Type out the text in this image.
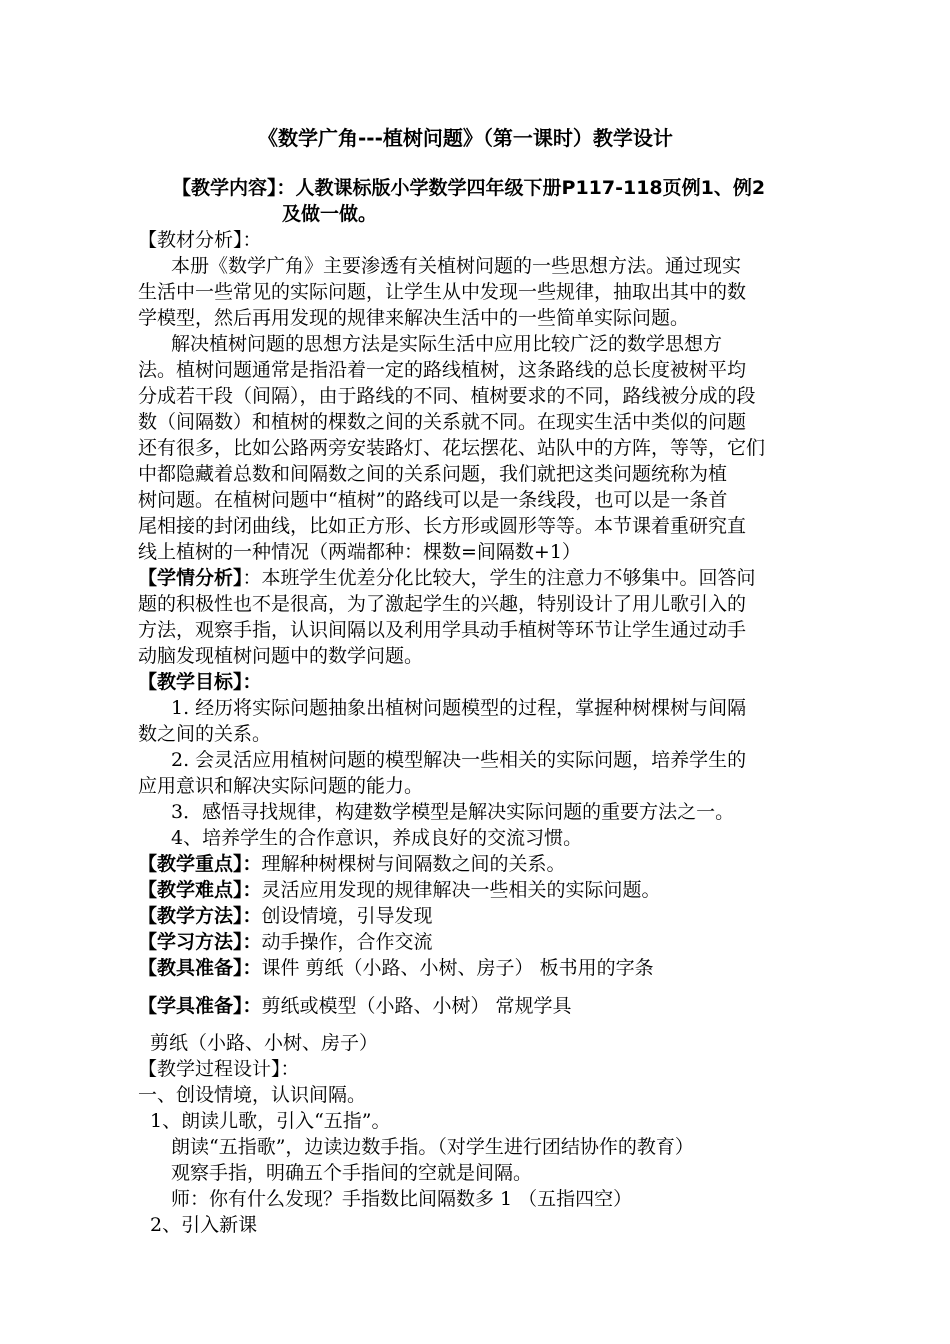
《数学广角---植树问题》（第一课时）教学设计
【教学内容】：人教课标版小学数学四年级下册P117-118页例1、例2
及做一做。
【教材分析】：
本册《数学广角》主要渗透有关植树问题的一些思想方法。通过现实
生活中一些常见的实际问题，让学生从中发现一些规律，抽取出其中的数
学模型，然后再用发现的规律来解决生活中的一些简单实际问题。
解决植树问题的思想方法是实际生活中应用比较广泛的数学思想方
法。植树问题通常是指沿着一定的路线植树，这条路线的总长度被树平均
分成若干段（间隔），由于路线的不同、植树要求的不同，路线被分成的段
数（间隔数）和植树的棵数之间的关系就不同。在现实生活中类似的问题
还有很多，比如公路两旁安装路灯、花坛摆花、站队中的方阵，等等，它们
中都隐藏着总数和间隔数之间的关系问题，我们就把这类问题统称为植
树问题。在植树问题中“植树”的路线可以是一条线段，也可以是一条首
尾相接的封闭曲线，比如正方形、长方形或圆形等等。本节课着重研究直
线上植树的一种情况（两端都种：棵数=间隔数+1）
【学情分析】：本班学生优差分化比较大，学生的注意力不够集中。回答问
题的积极性也不是很高，为了激起学生的兴趣，特别设计了用儿歌引入的
方法，观察手指，认识间隔以及利用学具动手植树等环节让学生通过动手
动脑发现植树问题中的数学问题。
【教学目标】：
1. 经历将实际问题抽象出植树问题模型的过程，掌握种树棵树与间隔
数之间的关系。
2. 会灵活应用植树问题的模型解决一些相关的实际问题，培养学生的
应用意识和解决实际问题的能力。
3．感悟寻找规律，构建数学模型是解决实际问题的重要方法之一。
4、培养学生的合作意识，养成良好的交流习惯。
【教学重点】：理解种树棵树与间隔数之间的关系。
【教学难点】：灵活应用发现的规律解决一些相关的实际问题。
【教学方法】：创设情境，引导发现
【学习方法】：动手操作，合作交流
【教具准备】：课件 剪纸（小路、小树、房子） 板书用的字条
【学具准备】：剪纸或模型（小路、小树） 常规学具
剪纸（小路、小树、房子）
【教学过程设计】：
一、创设情境，认识间隔。
1、朗读儿歌，引入“五指”。
朗读“五指歌”，边读边数手指。（对学生进行团结协作的教育）
观察手指，明确五个手指间的空就是间隔。
师：你有什么发现？手指数比间隔数多 1 （五指四空）
2、引入新课
